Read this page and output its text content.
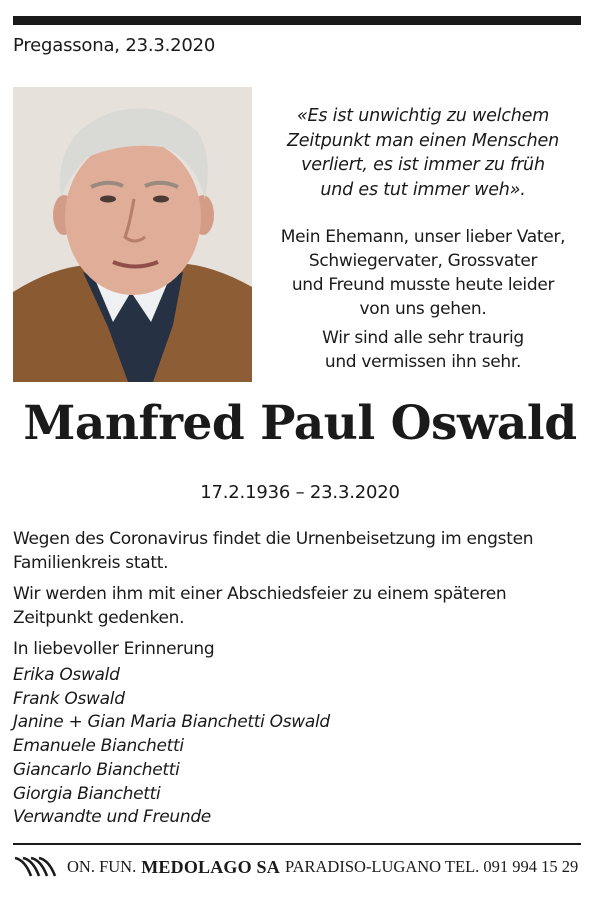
Pregassona, 23.3.2020
«Es ist unwichtig zu welchem
Zeitpunkt man einen Menschen
verliert, es ist immer zu früh
und es tut immer weh».
Mein Ehemann, unser lieber Vater,
Schwiegervater, Grossvater
und Freund musste heute leider
von uns gehen.
Wir sind alle sehr traurig
und vermissen ihn sehr.
Manfred Paul Oswald
17.2.1936 – 23.3.2020

Wegen des Coronavirus findet die Urnenbeisetzung im engsten Familienkreis statt.

Wir werden ihm mit einer Abschiedsfeier zu einem späteren Zeitpunkt gedenken.

In liebevoller Erinnerung

Erika Oswald
Frank Oswald
Janine + Gian Maria Bianchetti Oswald
Emanuele Bianchetti
Giancarlo Bianchetti
Giorgia Bianchetti
Verwandte und Freunde
ON. FUN. MEDOLAGO SA PARADISO-LUGANO TEL. 091 994 15 29
